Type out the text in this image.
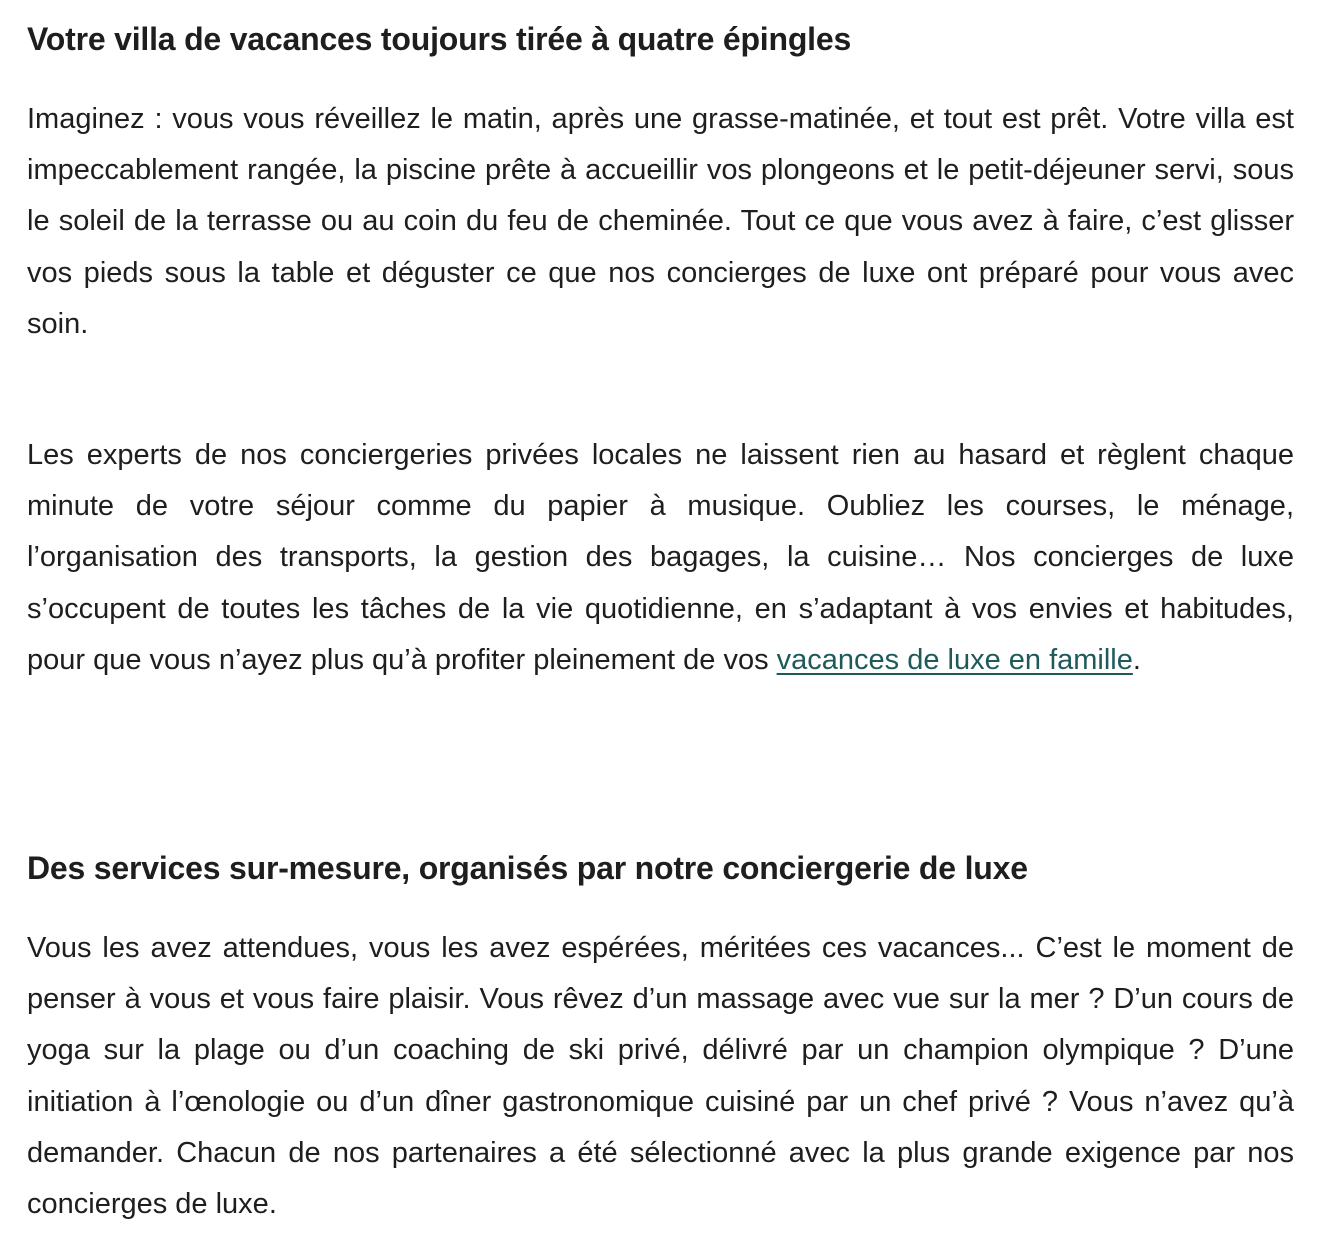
Votre villa de vacances toujours tirée à quatre épingles

Imaginez : vous vous réveillez le matin, après une grasse-matinée, et tout est prêt. Votre villa est impeccablement rangée, la piscine prête à accueillir vos plongeons et le petit-déjeuner servi, sous le soleil de la terrasse ou au coin du feu de cheminée. Tout ce que vous avez à faire, c’est glisser vos pieds sous la table et déguster ce que nos concierges de luxe ont préparé pour vous avec soin.

Les experts de nos conciergeries privées locales ne laissent rien au hasard et règlent chaque minute de votre séjour comme du papier à musique. Oubliez les courses, le ménage, l’organisation des transports, la gestion des bagages, la cuisine… Nos concierges de luxe s’occupent de toutes les tâches de la vie quotidienne, en s’adaptant à vos envies et habitudes, pour que vous n’ayez plus qu’à profiter pleinement de vos vacances de luxe en famille.

Des services sur-mesure, organisés par notre conciergerie de luxe

Vous les avez attendues, vous les avez espérées, méritées ces vacances... C’est le moment de penser à vous et vous faire plaisir. Vous rêvez d’un massage avec vue sur la mer ? D’un cours de yoga sur la plage ou d’un coaching de ski privé, délivré par un champion olympique ? D’une initiation à l’œnologie ou d’un dîner gastronomique cuisiné par un chef privé ? Vous n’avez qu’à demander. Chacun de nos partenaires a été sélectionné avec la plus grande exigence par nos concierges de luxe.
